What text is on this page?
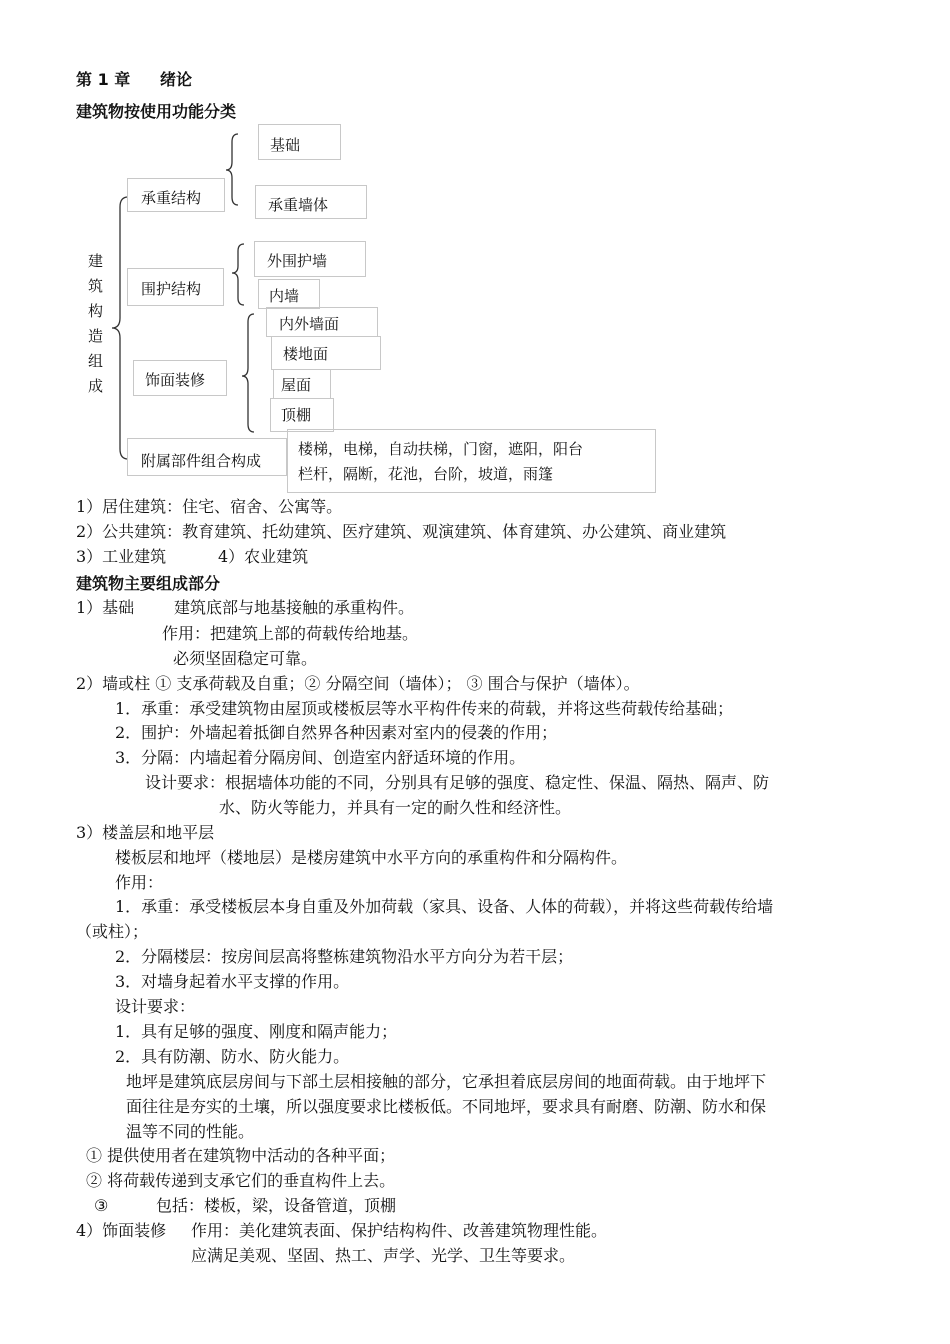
第 1 章 绪论
建筑物按使用功能分类
建
筑
构
造
组
成
承重结构
围护结构
饰面装修
附属部件组合构成
基础
承重墙体
外围护墙
内墙
内外墙面
楼地面
屋面
顶棚
楼梯，电梯，自动扶梯，门窗，遮阳，阳台
栏杆，隔断，花池，台阶，坡道，雨篷
1）居住建筑：住宅、宿舍、公寓等。
2）公共建筑：教育建筑、托幼建筑、医疗建筑、观演建筑、体育建筑、办公建筑、商业建筑
3）工业建筑	4）农业建筑
建筑物主要组成部分
1）基础 建筑底部与地基接触的承重构件。
作用：把建筑上部的荷载传给地基。
必须坚固稳定可靠。
2）墙或柱 ① 支承荷载及自重；② 分隔空间（墙体）； ③ 围合与保护（墙体）。
1．承重：承受建筑物由屋顶或楼板层等水平构件传来的荷载，并将这些荷载传给基础；
2．围护：外墙起着抵御自然界各种因素对室内的侵袭的作用；
3．分隔：内墙起着分隔房间、创造室内舒适环境的作用。
设计要求：根据墙体功能的不同，分别具有足够的强度、稳定性、保温、隔热、隔声、防
水、防火等能力，并具有一定的耐久性和经济性。
3）楼盖层和地平层
楼板层和地坪（楼地层）是楼房建筑中水平方向的承重构件和分隔构件。
作用：
1．承重：承受楼板层本身自重及外加荷载（家具、设备、人体的荷载），并将这些荷载传给墙
（或柱）；
2．分隔楼层：按房间层高将整栋建筑物沿水平方向分为若干层；
3．对墙身起着水平支撑的作用。
设计要求：
1．具有足够的强度、刚度和隔声能力；
2．具有防潮、防水、防火能力。
地坪是建筑底层房间与下部土层相接触的部分，它承担着底层房间的地面荷载。由于地坪下
面往往是夯实的土壤，所以强度要求比楼板低。不同地坪，要求具有耐磨、防潮、防水和保
温等不同的性能。
① 提供使用者在建筑物中活动的各种平面；
② 将荷载传递到支承它们的垂直构件上去。
③	包括：楼板，梁，设备管道，顶棚
4）饰面装修 作用：美化建筑表面、保护结构构件、改善建筑物理性能。
应满足美观、坚固、热工、声学、光学、卫生等要求。
